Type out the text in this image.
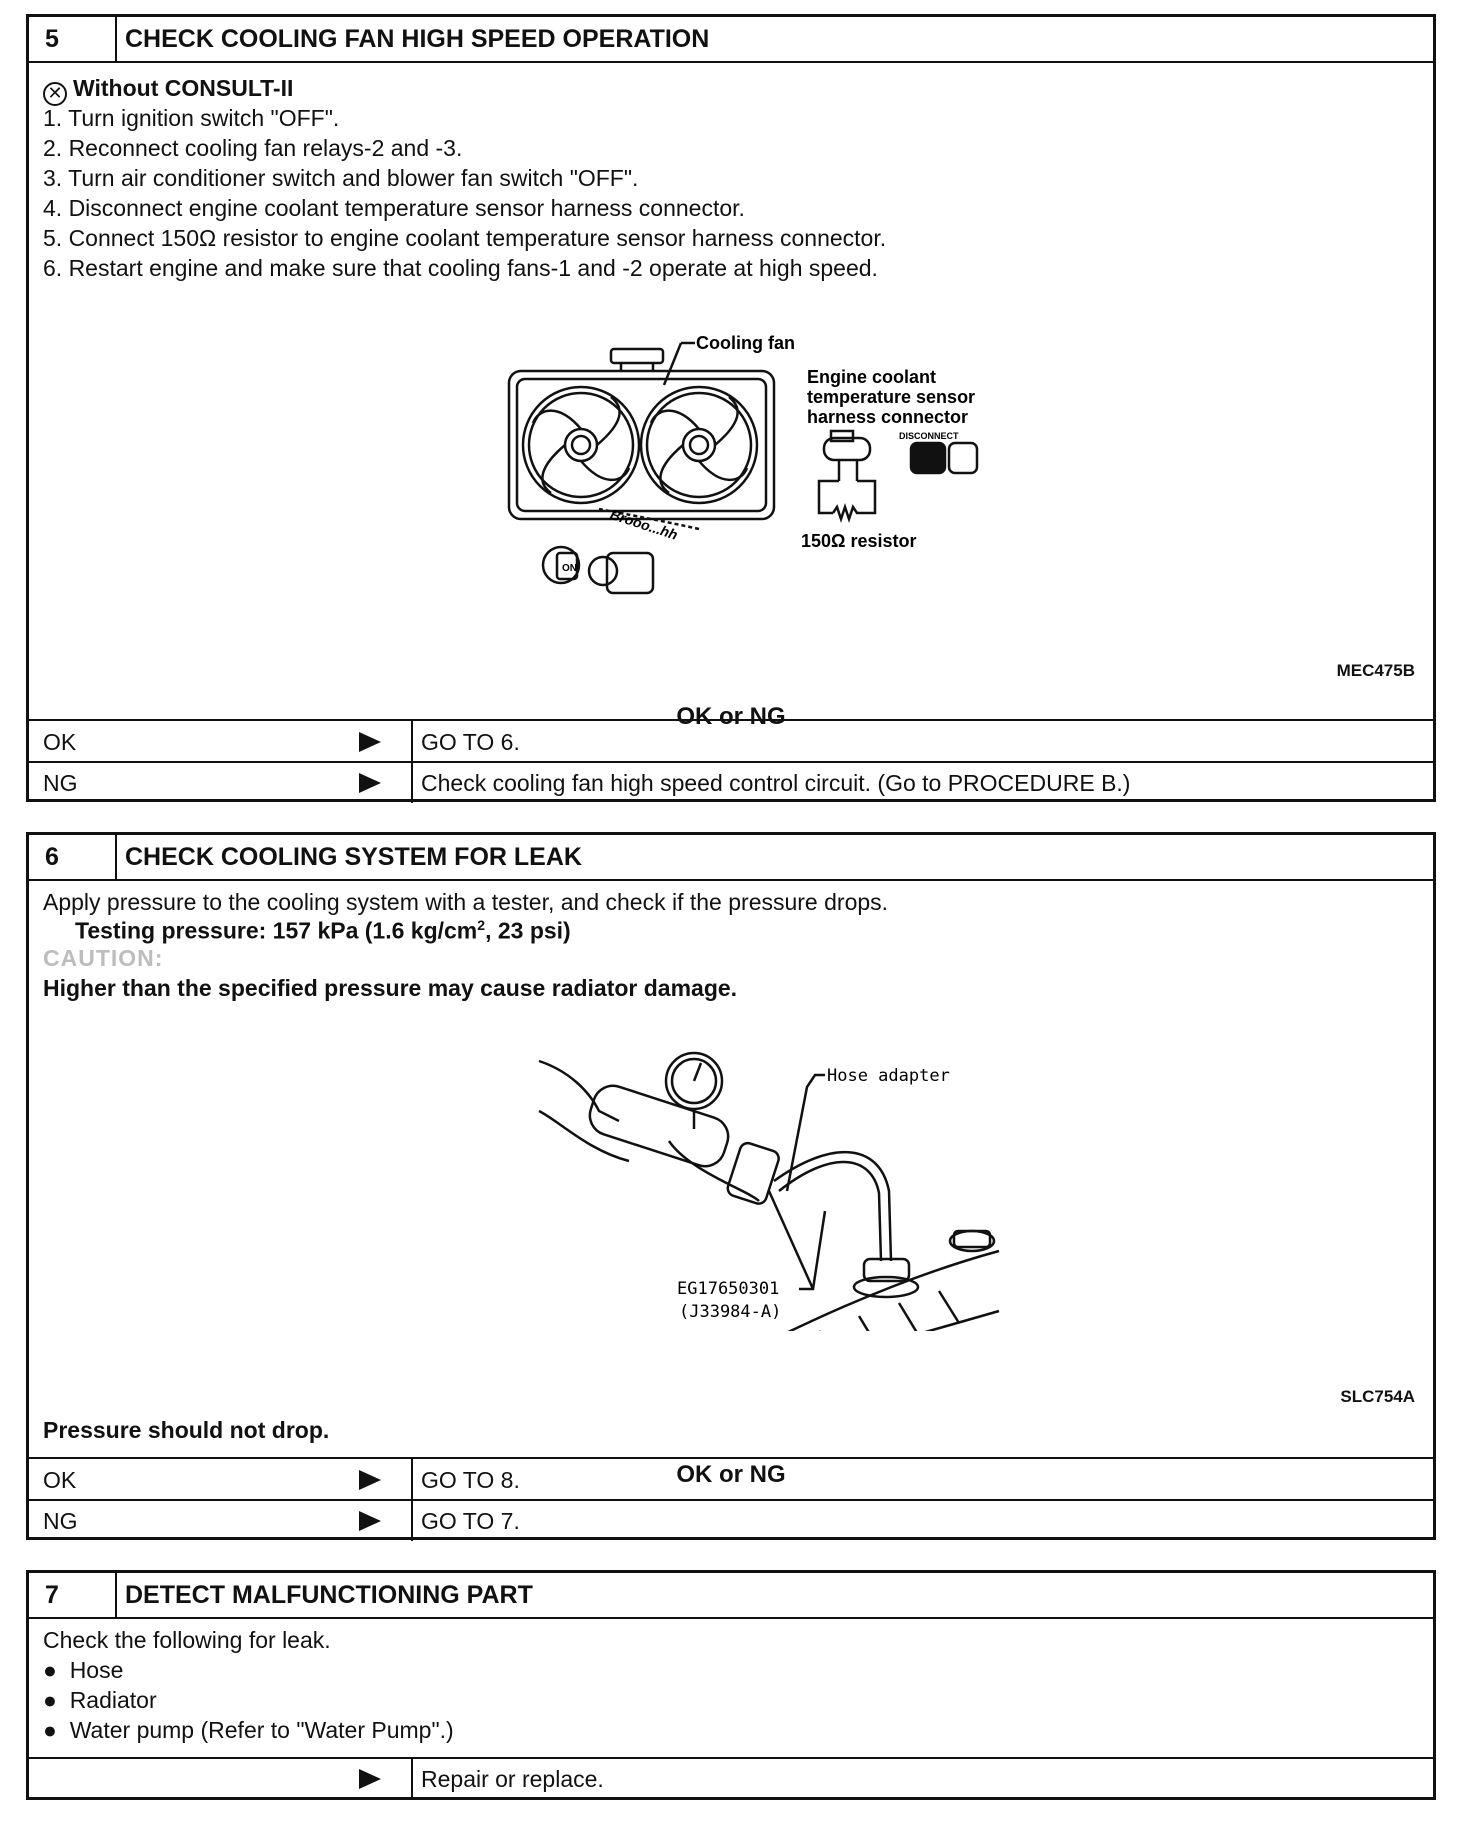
5	CHECK COOLING FAN HIGH SPEED OPERATION
✕ Without CONSULT-II
1. Turn ignition switch "OFF".
2. Reconnect cooling fan relays-2 and -3.
3. Turn air conditioner switch and blower fan switch "OFF".
4. Disconnect engine coolant temperature sensor harness connector.
5. Connect 150Ω resistor to engine coolant temperature sensor harness connector.
6. Restart engine and make sure that cooling fans-1 and -2 operate at high speed.
Cooling fan
Engine coolant
temperature sensor
harness connector
DISCONNECT
150Ω resistor
Brooo...hh
ON
MEC475B
OK or NG
OK	GO TO 6.
NG	Check cooling fan high speed control circuit. (Go to PROCEDURE B.)
6	CHECK COOLING SYSTEM FOR LEAK
Apply pressure to the cooling system with a tester, and check if the pressure drops.
Testing pressure: 157 kPa (1.6 $kg/cm^2$, 23 psi)
CAUTION:
Higher than the specified pressure may cause radiator damage.
Hose adapter
EG17650301
(J33984-A)
SLC754A
Pressure should not drop.
OK or NG
OK	GO TO 8.
NG	GO TO 7.
7	DETECT MALFUNCTIONING PART
Check the following for leak.
● Hose
● Radiator
● Water pump (Refer to "Water Pump".)
Repair or replace.
